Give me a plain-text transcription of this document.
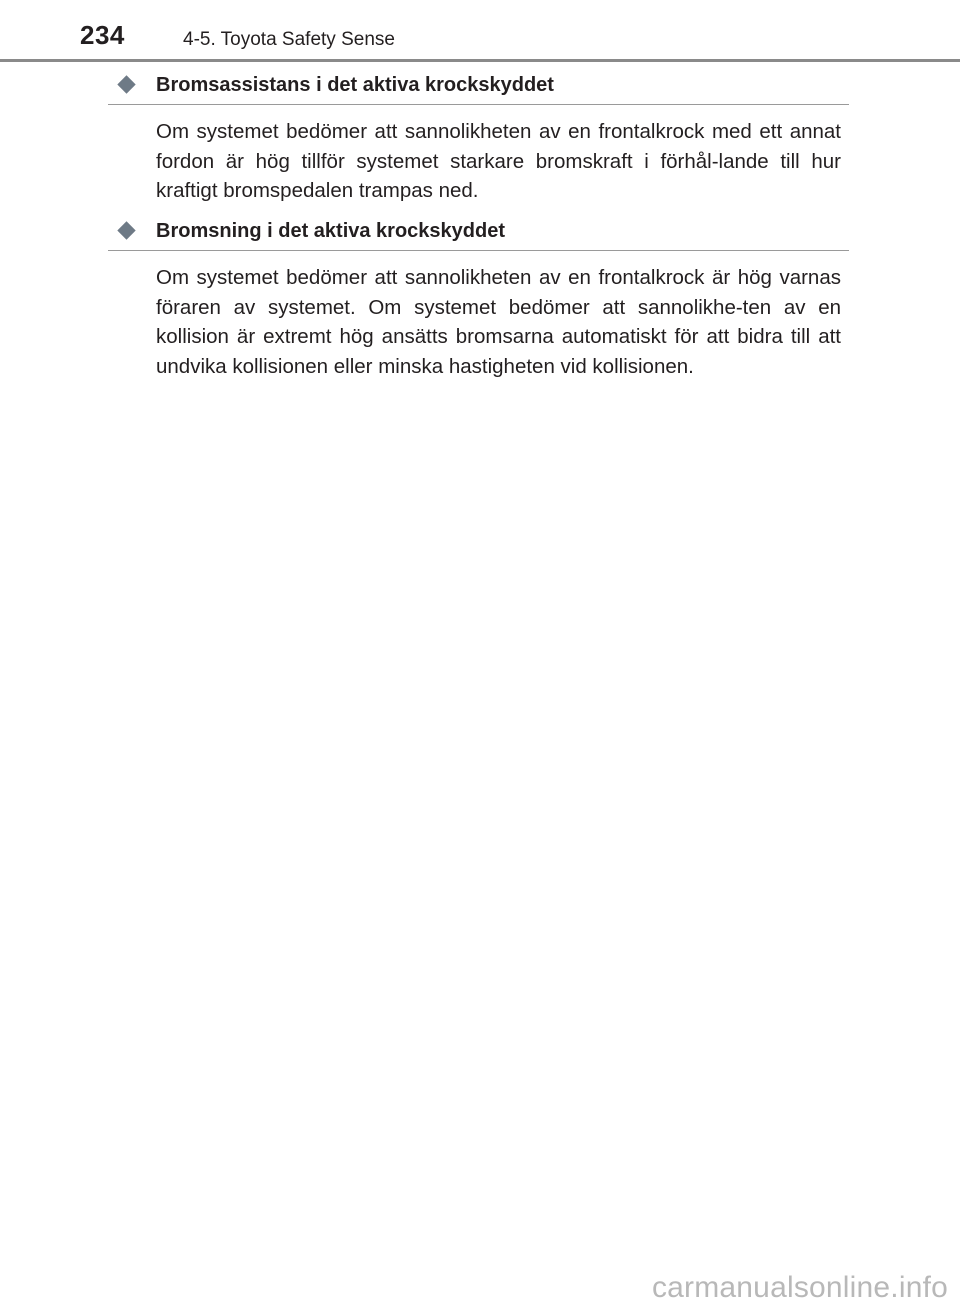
234	4-5. Toyota Safety Sense
Bromsassistans i det aktiva krockskyddet
Om systemet bedömer att sannolikheten av en frontalkrock med ett annat fordon är hög tillför systemet starkare bromskraft i förhål-lande till hur kraftigt bromspedalen trampas ned.
Bromsning i det aktiva krockskyddet
Om systemet bedömer att sannolikheten av en frontalkrock är hög varnas föraren av systemet. Om systemet bedömer att sannolikhe-ten av en kollision är extremt hög ansätts bromsarna automatiskt för att bidra till att undvika kollisionen eller minska hastigheten vid kollisionen.
carmanualsonline.info
